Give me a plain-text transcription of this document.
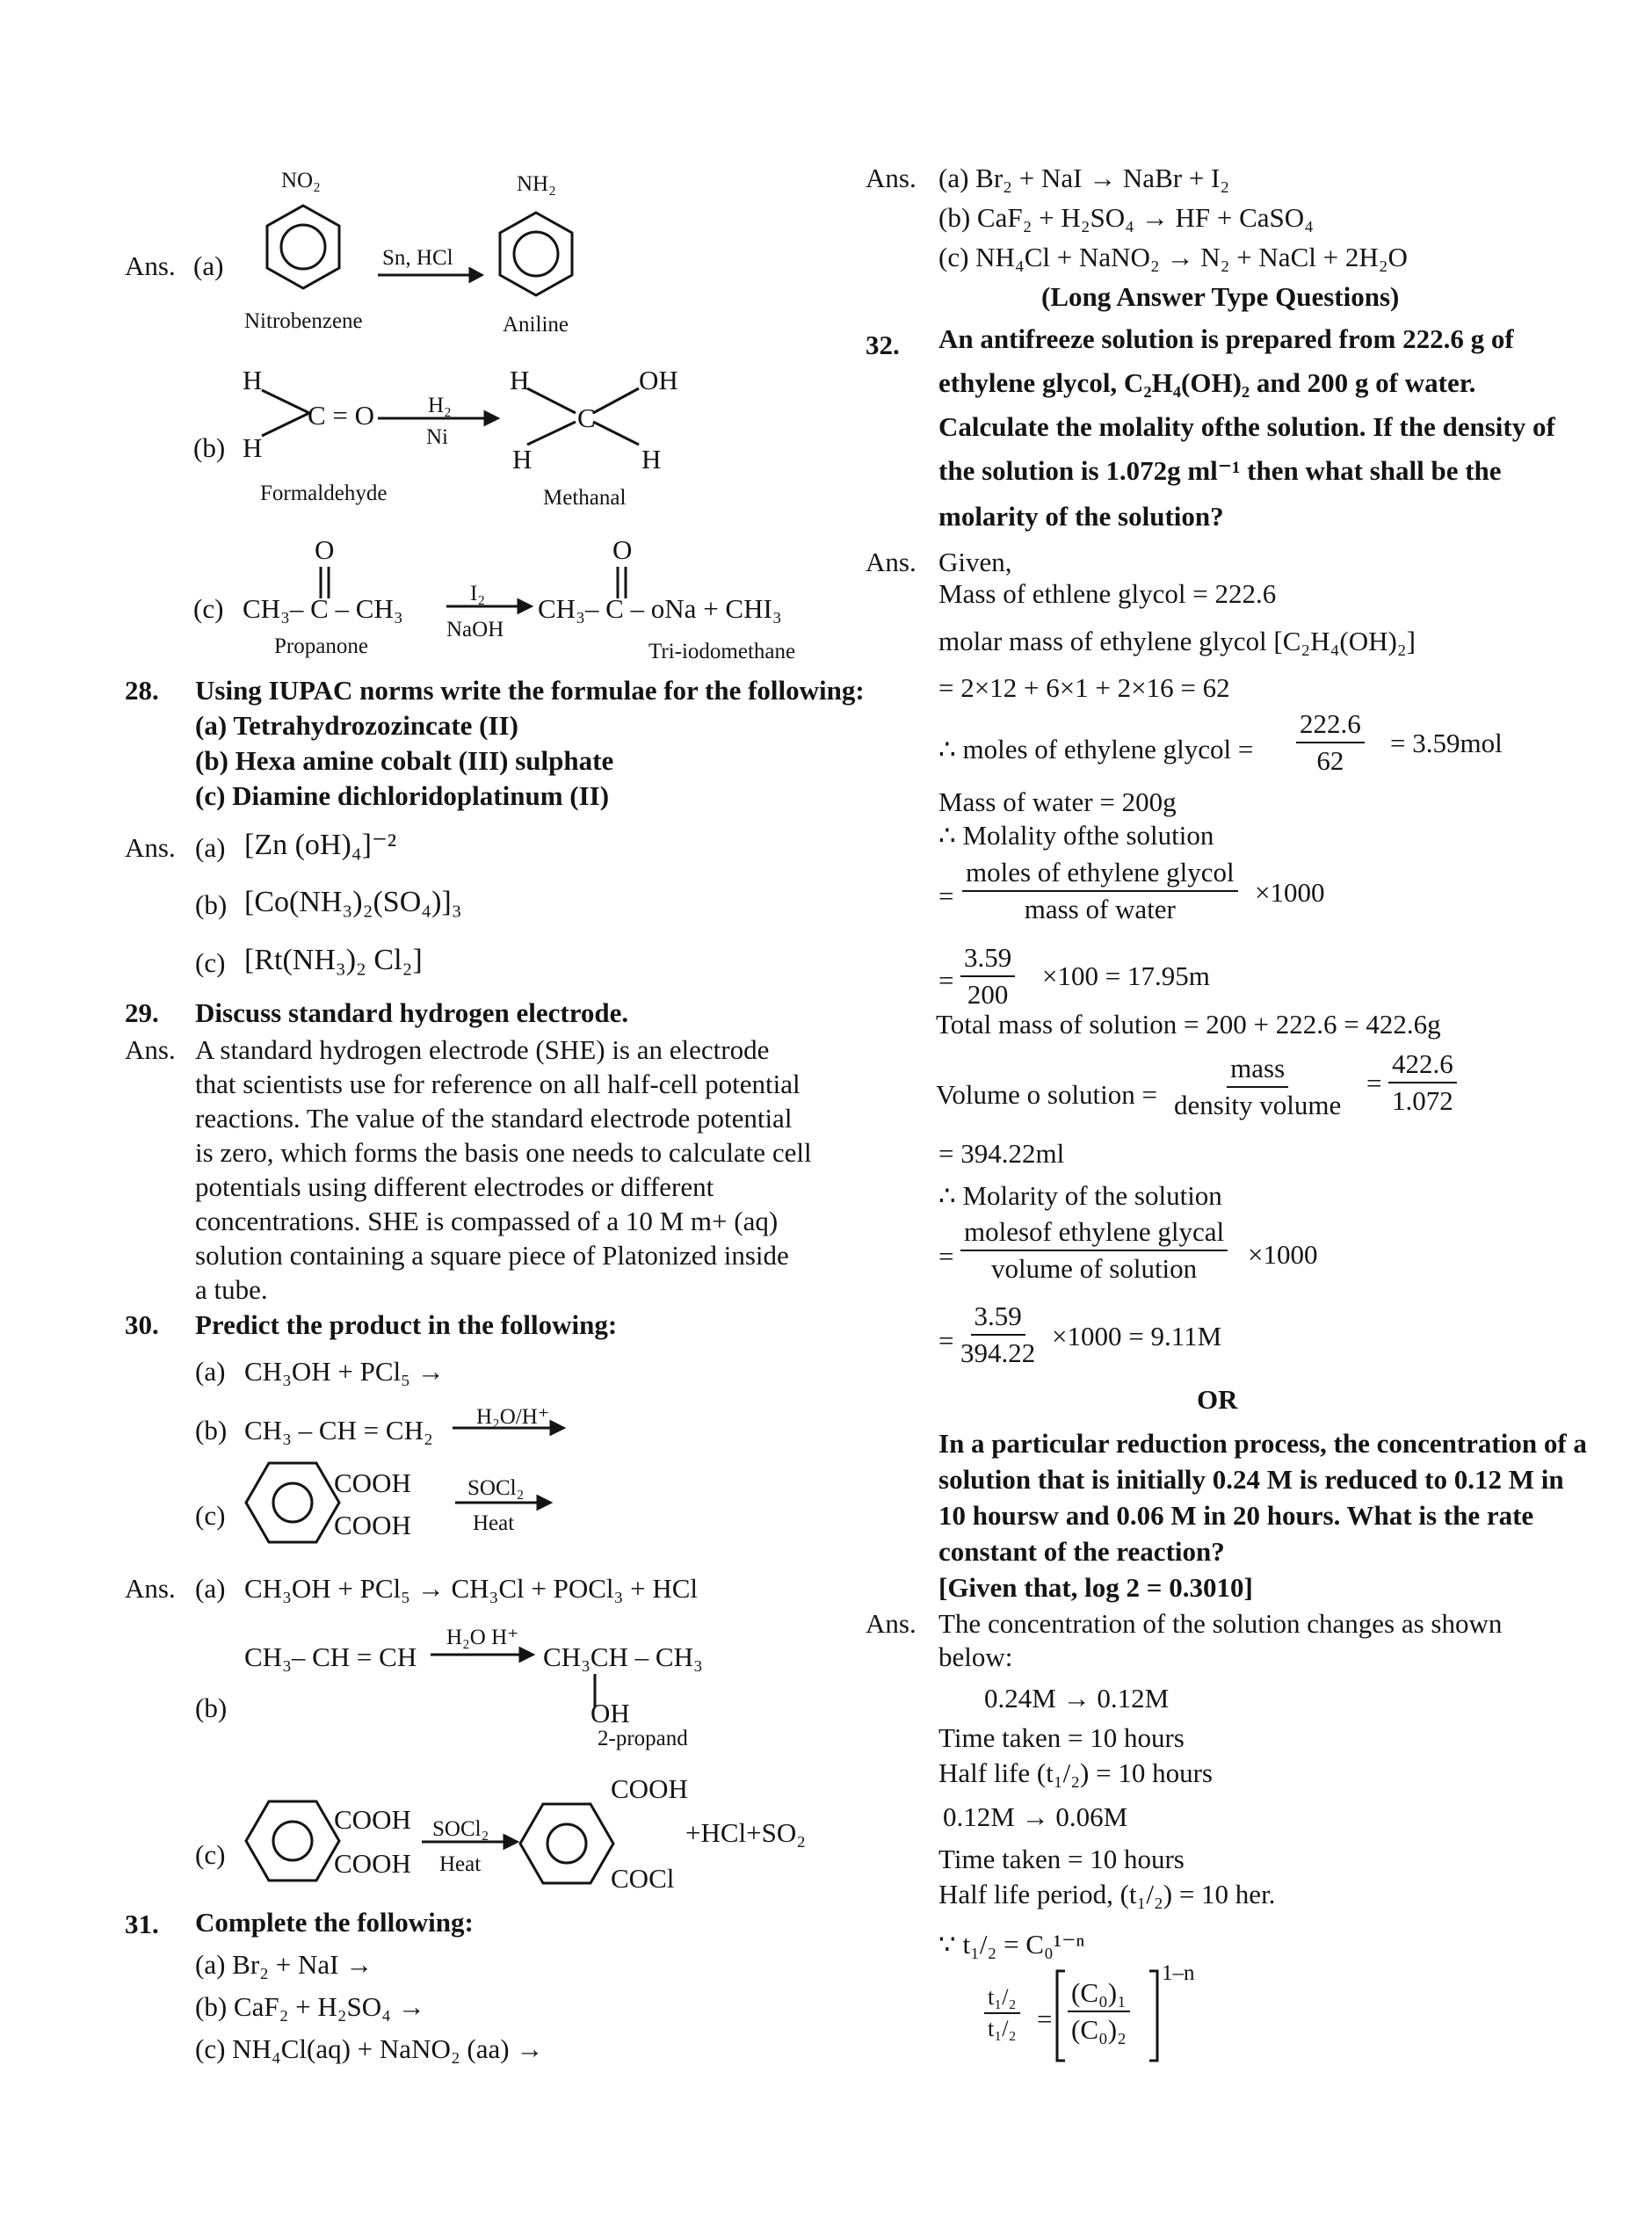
Ans. (a)
NO₂
Nitrobenzene
Sn, HCl
NH₂
Aniline
(b)
H
H
C = O H₂
Ni
H	OH
C
H	H
Formaldehyde	Methanal
O
(c) CH₃– C – CH₃	I₂
NaOH
O
CH₃– C – oNa + CHI₃
Propanone	Tri-iodomethane
28. Using IUPAC norms write the formulae for the following:
(a) Tetrahydrozozincate (II)
(b) Hexa amine cobalt (III) sulphate
(c) Diamine dichloridoplatinum (II)
Ans. (a) [Zn (oH)₄]⁻²
(b) [Co(NH₃)₂(SO₄)]₃
(c) [Rt(NH₃)₂ Cl₂]
29. Discuss standard hydrogen electrode.
Ans. A standard hydrogen electrode (SHE) is an electrode
that scientists use for reference on all half-cell potential
reactions. The value of the standard electrode potential
is zero, which forms the basis one needs to calculate cell
potentials using different electrodes or different
concentrations. SHE is compassed of a 10 M m+ (aq)
solution containing a square piece of Platonized inside
a tube.
30. Predict the product in the following:
(a) CH₃OH + PCl₅ →
(b) CH₃ – CH = CH₂ H₂O/H⁺
(c)
COOH
COOH
SOCl₂
Heat
Ans. (a) CH₃OH + PCl₅ → CH₃Cl + POCl₃ + HCl
CH₃– CH = CH
H₂O H⁺
CH₃CH – CH₃
(b)	OH
2-propand
(c)
COOH
COOH
SOCl₂
Heat
COOH
COCl
+HCl+SO₂
31. Complete the following:
(a) Br₂ + NaI →
(b) CaF₂ + H₂SO₄ →
(c) NH₄Cl(aq) + NaNO₂ (aa) →
Ans. (a) Br₂ + NaI → NaBr + I₂
(b) CaF₂ + H₂SO₄ → HF + CaSO₄
(c) NH₄Cl + NaNO₂ → N₂ + NaCl + 2H₂O
(Long Answer Type Questions)
32. An antifreeze solution is prepared from 222.6 g of
ethylene glycol, C₂H₄(OH)₂ and 200 g of water.
Calculate the molality ofthe solution. If the density of
the solution is 1.072g ml⁻¹ then what shall be the
molarity of the solution?
Ans. Given,
Mass of ethlene glycol = 222.6
molar mass of ethylene glycol [C₂H₄(OH)₂]
= 2×12 + 6×1 + 2×16 = 62
∴ moles of ethylene glycol = $\frac{222.6}{62} = 3.59mol$
Mass of water = 200g
∴ Molality ofthe solution
=
moles of ethylene glycol
mass of water
×1000
= $\frac{3.59}{200} \times 100 = 17.95m$
Total mass of solution = 200 + 222.6 = 422.6g
Volume o solution =
mass
density volume
= $\frac{422.6}{1.072}$
= 394.22ml
∴ Molarity of the solution
=
molesof ethylene glycal
volume of solution ×1000
= $\frac{3.59}{394.22} \times 1000 = 9.11M$
OR
In a particular reduction process, the concentration of a
solution that is initially 0.24 M is reduced to 0.12 M in
10 hoursw and 0.06 M in 20 hours. What is the rate
constant of the reaction?
[Given that, log 2 = 0.3010]
Ans. The concentration of the solution changes as shown
below:
0.24M → 0.12M
Time taken = 10 hours
Half life (t₁/₂) = 10 hours
0.12M → 0.06M
Time taken = 10 hours
Half life period, (t₁/₂) = 10 her.
∵ t₁/₂ = C₀¹⁻ⁿ
$\frac{\text{t₁/₂}}{\text{t₁/₂}} = \frac{\text{(C₀)₁}}{\text{(C₀)₂}}$
1–n
